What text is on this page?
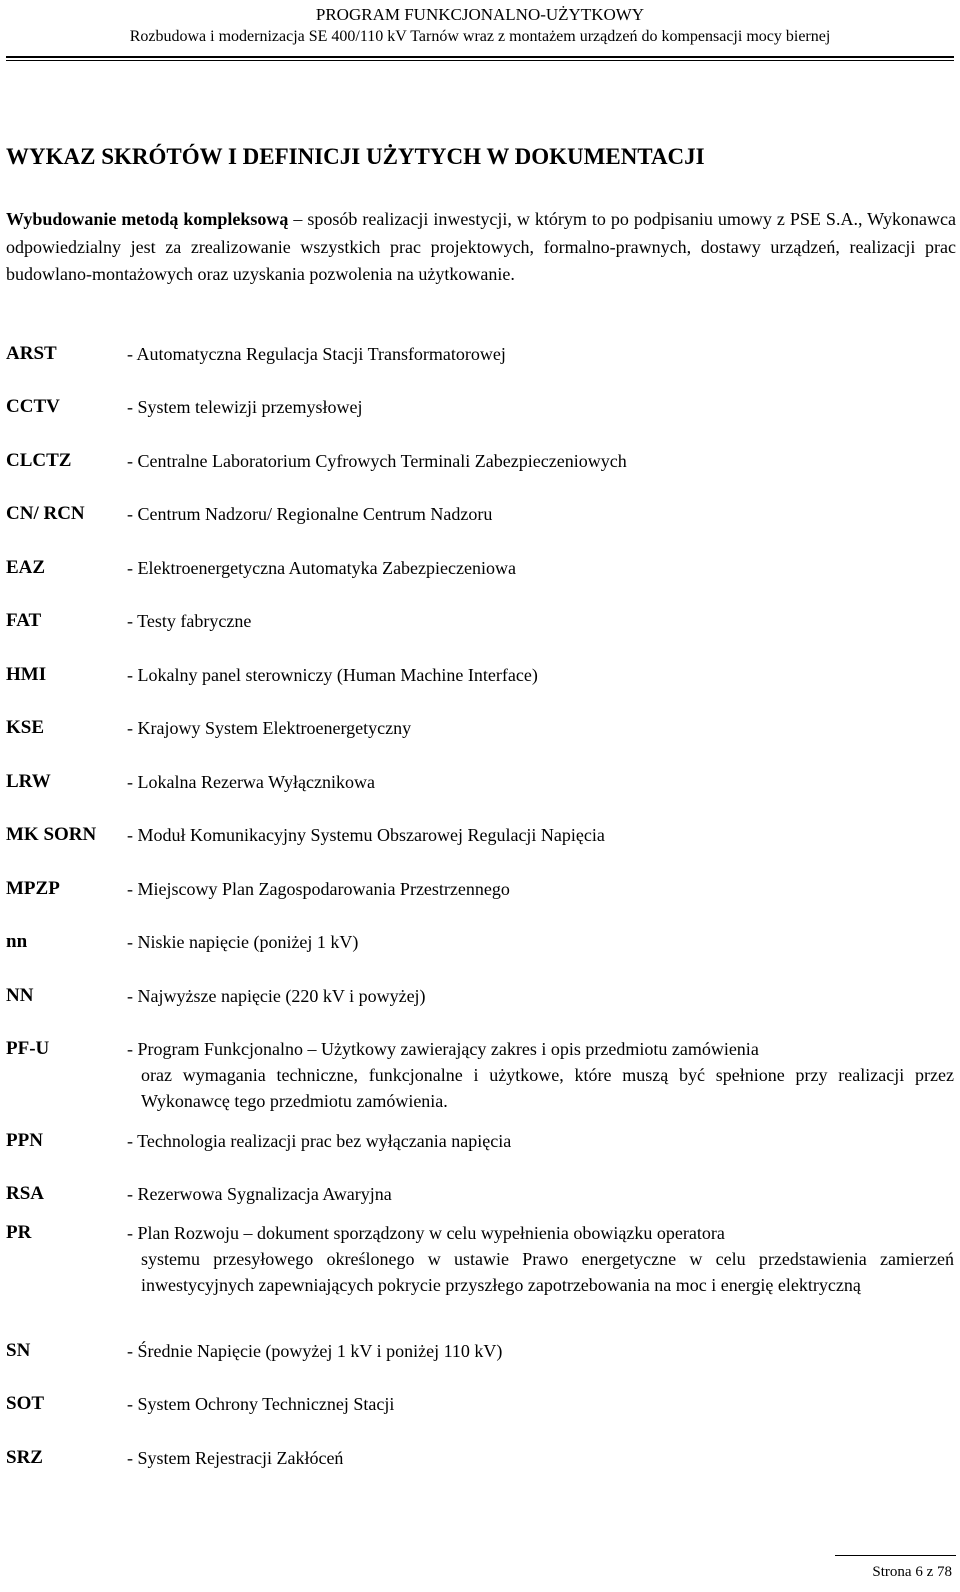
PROGRAM FUNKCJONALNO-UŻYTKOWY
Rozbudowa i modernizacja SE 400/110 kV Tarnów wraz z montażem urządzeń do kompensacji mocy biernej
WYKAZ SKRÓTÓW I DEFINICJI UŻYTYCH W DOKUMENTACJI
Wybudowanie metodą kompleksową – sposób realizacji inwestycji, w którym to po podpisaniu umowy z PSE S.A., Wykonawca odpowiedzialny jest za zrealizowanie wszystkich prac projektowych, formalno-prawnych, dostawy urządzeń, realizacji prac budowlano-montażowych oraz uzyskania pozwolenia na użytkowanie.
ARST	- Automatyczna Regulacja Stacji Transformatorowej
CCTV	- System telewizji przemysłowej
CLCTZ	- Centralne Laboratorium Cyfrowych Terminali Zabezpieczeniowych
CN/ RCN - Centrum Nadzoru/ Regionalne Centrum Nadzoru
EAZ	- Elektroenergetyczna Automatyka Zabezpieczeniowa
FAT	- Testy fabryczne
HMI	- Lokalny panel sterowniczy (Human Machine Interface)
KSE	- Krajowy System Elektroenergetyczny
LRW	- Lokalna Rezerwa Wyłącznikowa
MK SORN - Moduł Komunikacyjny Systemu Obszarowej Regulacji Napięcia
MPZP	- Miejscowy Plan Zagospodarowania Przestrzennego
nn	- Niskie napięcie (poniżej 1 kV)
NN	- Najwyższe napięcie (220 kV i powyżej)
PF-U	- Program Funkcjonalno – Użytkowy zawierający zakres i opis przedmiotu zamówienia
oraz wymagania techniczne, funkcjonalne i użytkowe, które muszą być spełnione przy realizacji przez Wykonawcę tego przedmiotu zamówienia.
PPN	- Technologia realizacji prac bez wyłączania napięcia
RSA	- Rezerwowa Sygnalizacja Awaryjna
PR	- Plan Rozwoju – dokument sporządzony w celu wypełnienia obowiązku operatora
systemu przesyłowego określonego w ustawie Prawo energetyczne w celu przedstawienia zamierzeń inwestycyjnych zapewniających pokrycie przyszłego zapotrzebowania na moc i energię elektryczną
SN	- Średnie Napięcie (powyżej 1 kV i poniżej 110 kV)
SOT	- System Ochrony Technicznej Stacji
SRZ	- System Rejestracji Zakłóceń
Strona 6 z 78
